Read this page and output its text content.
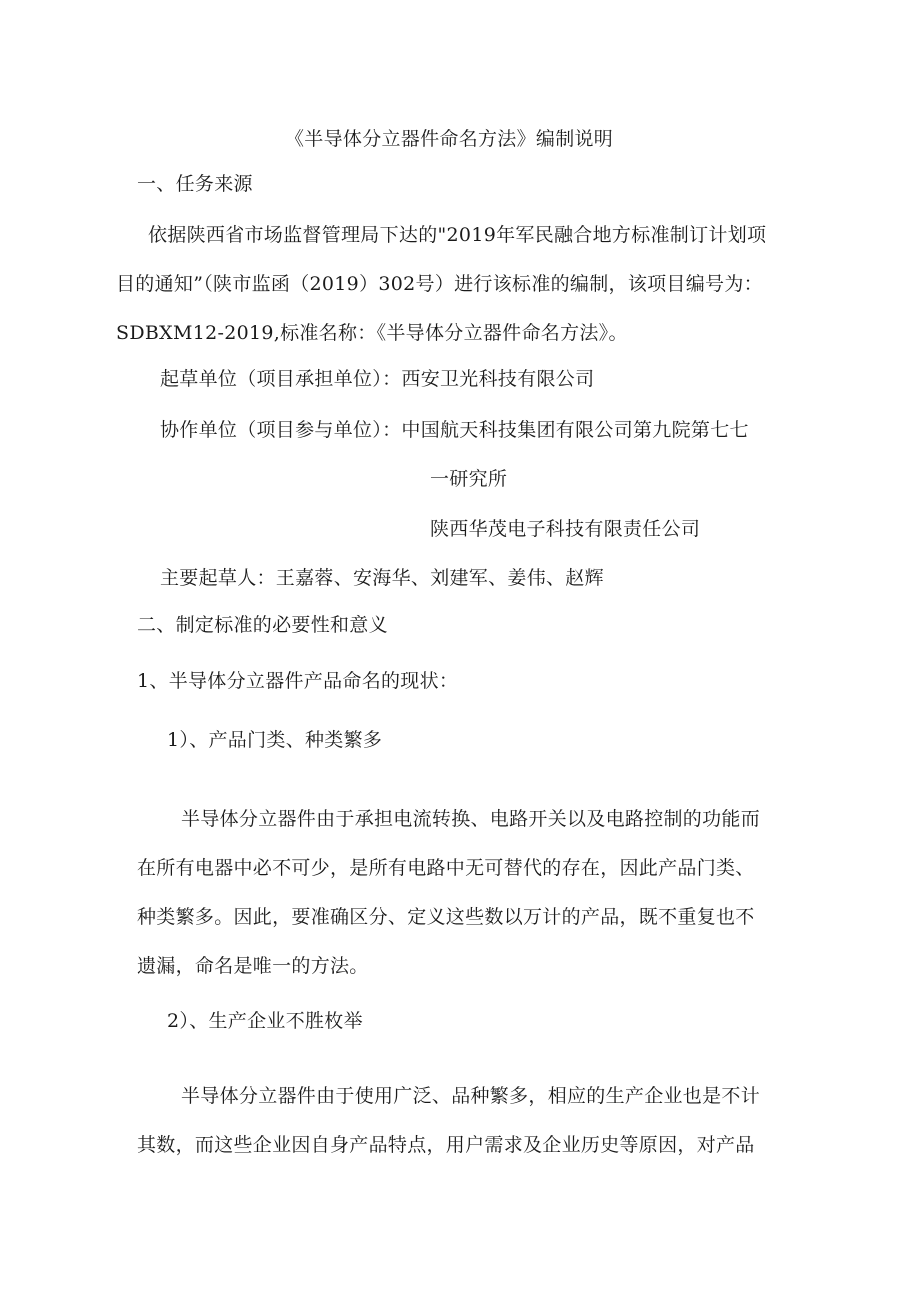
《半导体分立器件命名方法》编制说明
一、任务来源
依据陕西省市场监督管理局下达的"2019年军民融合地方标准制订计划项
目的通知”（陕市监函（2019）302号）进行该标准的编制，该项目编号为：
SDBXM12-2019,标准名称：《半导体分立器件命名方法》。
起草单位（项目承担单位）：西安卫光科技有限公司
协作单位（项目参与单位）：中国航天科技集团有限公司第九院第七七
一研究所
陕西华茂电子科技有限责任公司
主要起草人：王嘉蓉、安海华、刘建军、姜伟、赵辉
二、制定标准的必要性和意义
1、半导体分立器件产品命名的现状：
1）、产品门类、种类繁多
半导体分立器件由于承担电流转换、电路开关以及电路控制的功能而
在所有电器中必不可少，是所有电路中无可替代的存在，因此产品门类、
种类繁多。因此，要准确区分、定义这些数以万计的产品，既不重复也不
遗漏，命名是唯一的方法。
2）、生产企业不胜枚举
半导体分立器件由于使用广泛、品种繁多，相应的生产企业也是不计
其数，而这些企业因自身产品特点，用户需求及企业历史等原因，对产品
